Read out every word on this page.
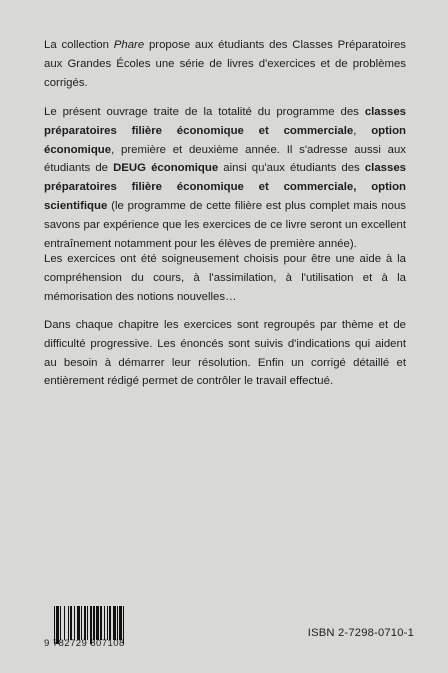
La collection Phare propose aux étudiants des Classes Préparatoires aux Grandes Écoles une série de livres d'exercices et de problèmes corrigés.

Le présent ouvrage traite de la totalité du programme des classes préparatoires filière économique et commerciale, option économique, première et deuxième année. Il s'adresse aussi aux étudiants de DEUG économique ainsi qu'aux étudiants des classes préparatoires filière économique et commerciale, option scientifique (le programme de cette filière est plus complet mais nous savons par expérience que les exercices de ce livre seront un excellent entraînement notamment pour les élèves de première année).

Les exercices ont été soigneusement choisis pour être une aide à la compréhension du cours, à l'assimilation, à l'utilisation et à la mémorisation des notions nouvelles…

Dans chaque chapitre les exercices sont regroupés par thème et de difficulté progressive. Les énoncés sont suivis d'indications qui aident au besoin à démarrer leur résolution. Enfin un corrigé détaillé et entièrement rédigé permet de contrôler le travail effectué.

9 782729 807108
ISBN 2-7298-0710-1
